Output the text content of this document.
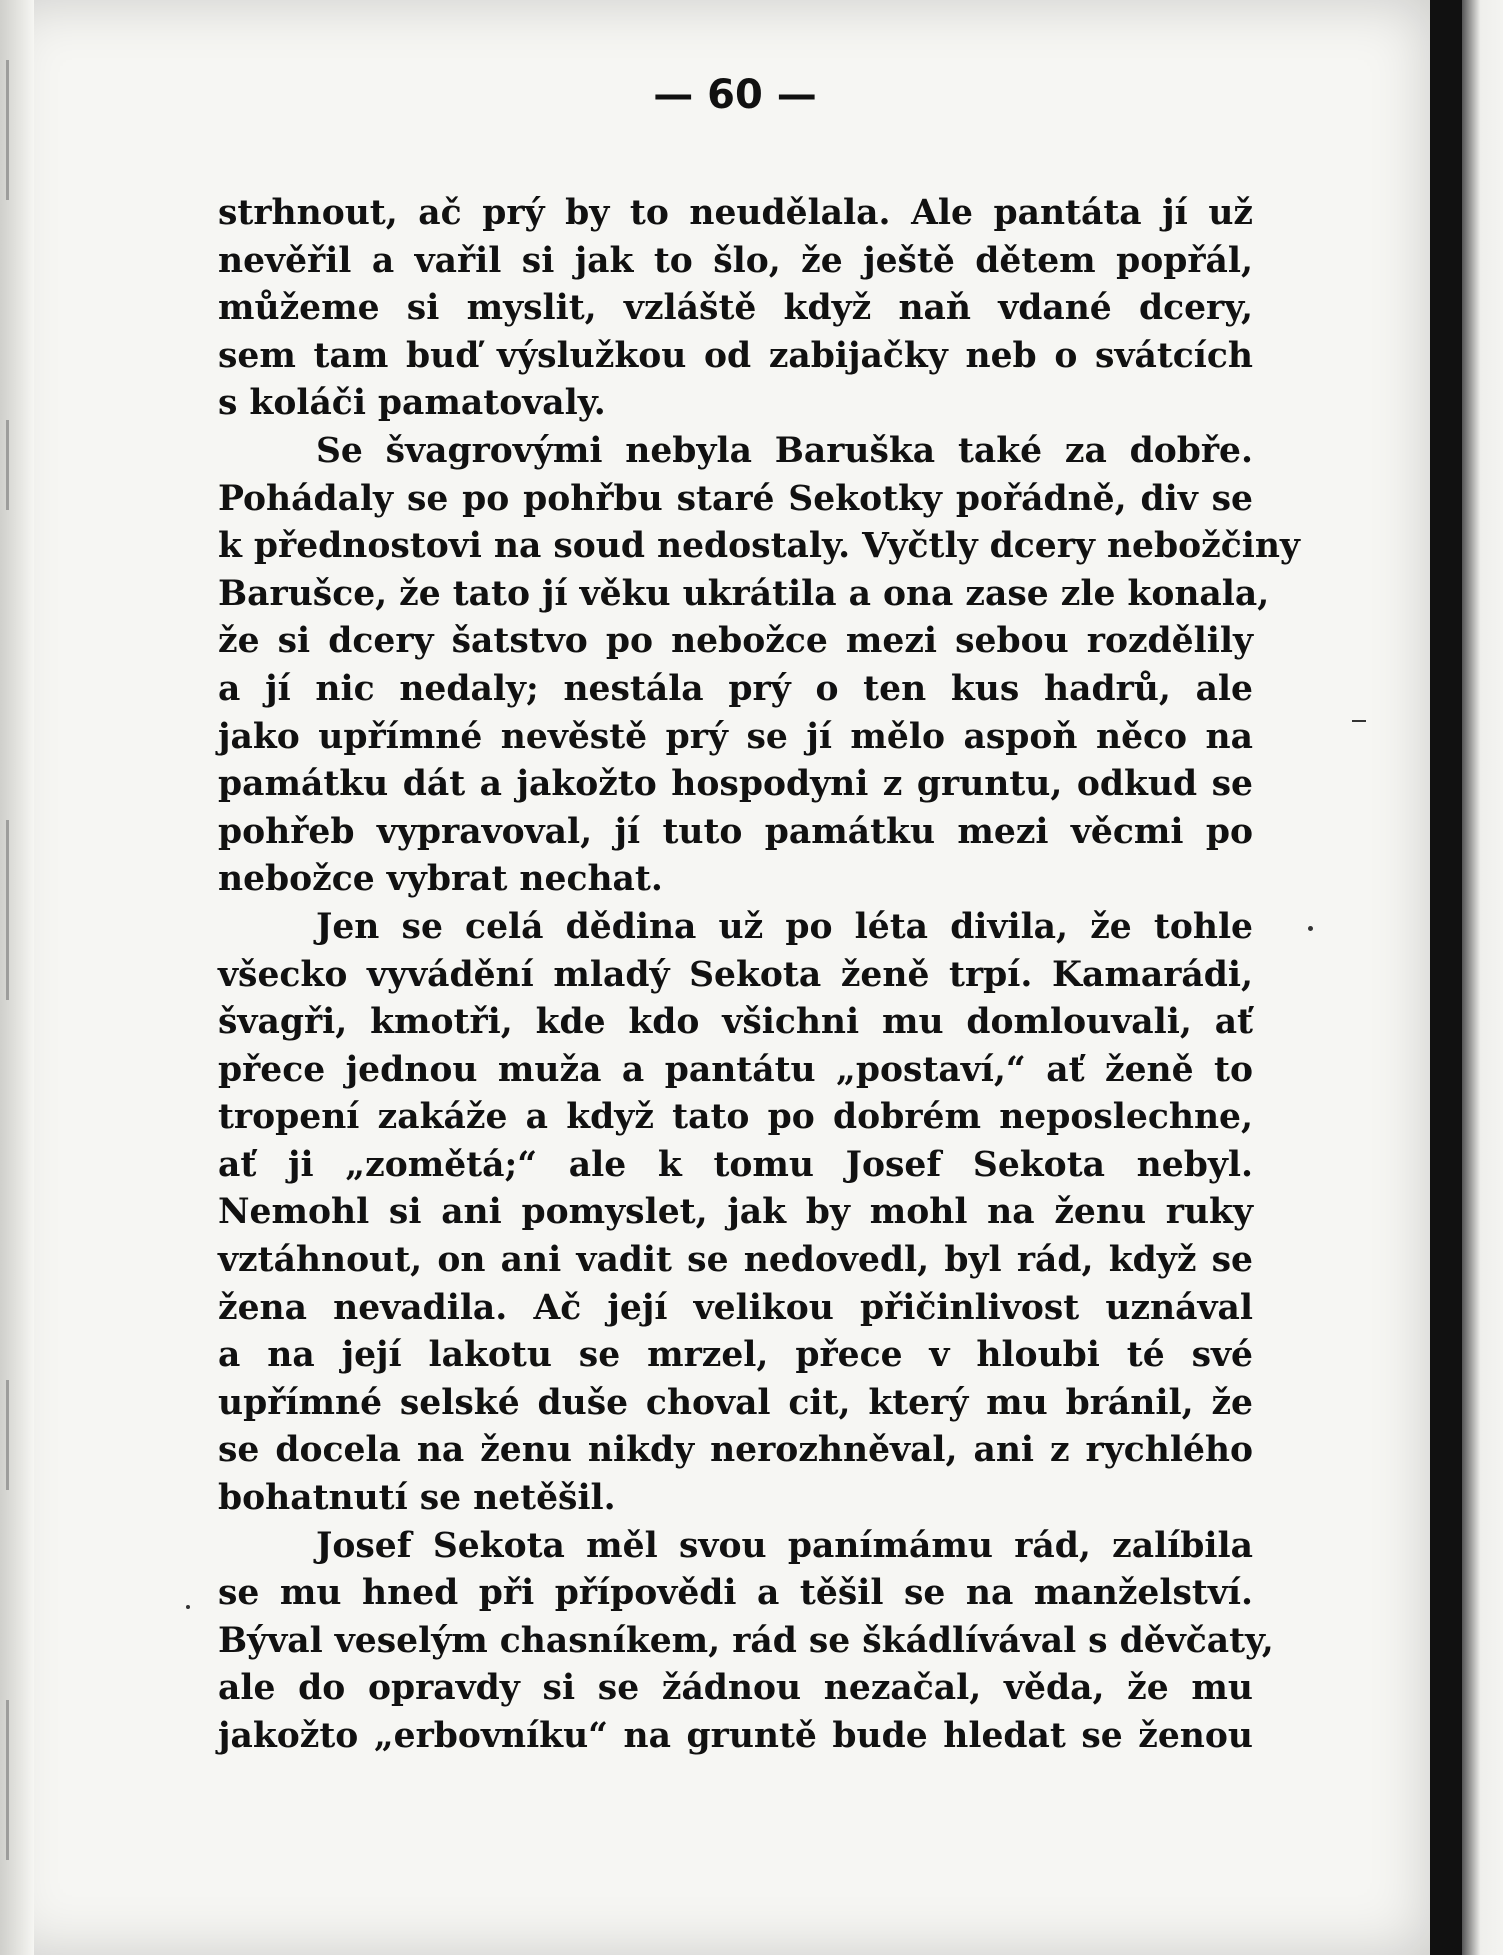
— 60 —
strhnout, ač prý by to neudělala. Ale pantáta jí už
nevěřil a vařil si jak to šlo, že ještě dětem popřál,
můžeme si myslit, vzláště když naň vdané dcery,
sem tam buď výslužkou od zabijačky neb o svátcích
s koláči pamatovaly.
Se švagrovými nebyla Baruška také za dobře.
Pohádaly se po pohřbu staré Sekotky pořádně, div se
k přednostovi na soud nedostaly. Vyčtly dcery nebožčiny
Barušce, že tato jí věku ukrátila a ona zase zle konala,
že si dcery šatstvo po nebožce mezi sebou rozdělily
a jí nic nedaly; nestála prý o ten kus hadrů, ale
jako upřímné nevěstě prý se jí mělo aspoň něco na
památku dát a jakožto hospodyni z gruntu, odkud se
pohřeb vypravoval, jí tuto památku mezi věcmi po
nebožce vybrat nechat.
Jen se celá dědina už po léta divila, že tohle
všecko vyvádění mladý Sekota ženě trpí. Kamarádi,
švagři, kmotři, kde kdo všichni mu domlouvali, ať
přece jednou muža a pantátu „postaví,“ ať ženě to
tropení zakáže a když tato po dobrém neposlechne,
ať ji „zomětá;“ ale k tomu Josef Sekota nebyl.
Nemohl si ani pomyslet, jak by mohl na ženu ruky
vztáhnout, on ani vadit se nedovedl, byl rád, když se
žena nevadila. Ač její velikou přičinlivost uznával
a na její lakotu se mrzel, přece v hloubi té své
upřímné selské duše choval cit, který mu bránil, že
se docela na ženu nikdy nerozhněval, ani z rychlého
bohatnutí se netěšil.
Josef Sekota měl svou panímámu rád, zalíbila
se mu hned při přípovědi a těšil se na manželství.
Býval veselým chasníkem, rád se škádlívával s děvčaty,
ale do opravdy si se žádnou nezačal, věda, že mu
jakožto „erbovníku“ na gruntě bude hledat se ženou
